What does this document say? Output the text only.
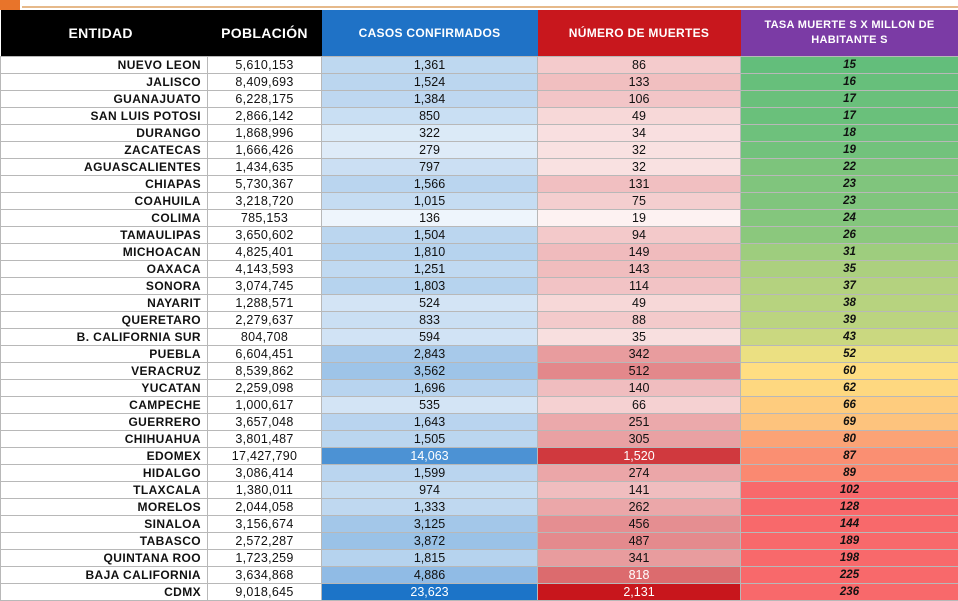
ENTIDAD	POBLACIÓN	CASOS CONFIRMADOS	NÚMERO DE MUERTES	TASA MUERTE S X MILLON DE HABITANTE S
NUEVO LEON	5,610,153	1,361	86	15
JALISCO	8,409,693	1,524	133	16
GUANAJUATO	6,228,175	1,384	106	17
SAN LUIS POTOSI	2,866,142	850	49	17
DURANGO	1,868,996	322	34	18
ZACATECAS	1,666,426	279	32	19
AGUASCALIENTES	1,434,635	797	32	22
CHIAPAS	5,730,367	1,566	131	23
COAHUILA	3,218,720	1,015	75	23
COLIMA	785,153	136	19	24
TAMAULIPAS	3,650,602	1,504	94	26
MICHOACAN	4,825,401	1,810	149	31
OAXACA	4,143,593	1,251	143	35
SONORA	3,074,745	1,803	114	37
NAYARIT	1,288,571	524	49	38
QUERETARO	2,279,637	833	88	39
B. CALIFORNIA SUR	804,708	594	35	43
PUEBLA	6,604,451	2,843	342	52
VERACRUZ	8,539,862	3,562	512	60
YUCATAN	2,259,098	1,696	140	62
CAMPECHE	1,000,617	535	66	66
GUERRERO	3,657,048	1,643	251	69
CHIHUAHUA	3,801,487	1,505	305	80
EDOMEX	17,427,790	14,063	1,520	87
HIDALGO	3,086,414	1,599	274	89
TLAXCALA	1,380,011	974	141	102
MORELOS	2,044,058	1,333	262	128
SINALOA	3,156,674	3,125	456	144
TABASCO	2,572,287	3,872	487	189
QUINTANA ROO	1,723,259	1,815	341	198
BAJA CALIFORNIA	3,634,868	4,886	818	225
CDMX	9,018,645	23,623	2,131	236
